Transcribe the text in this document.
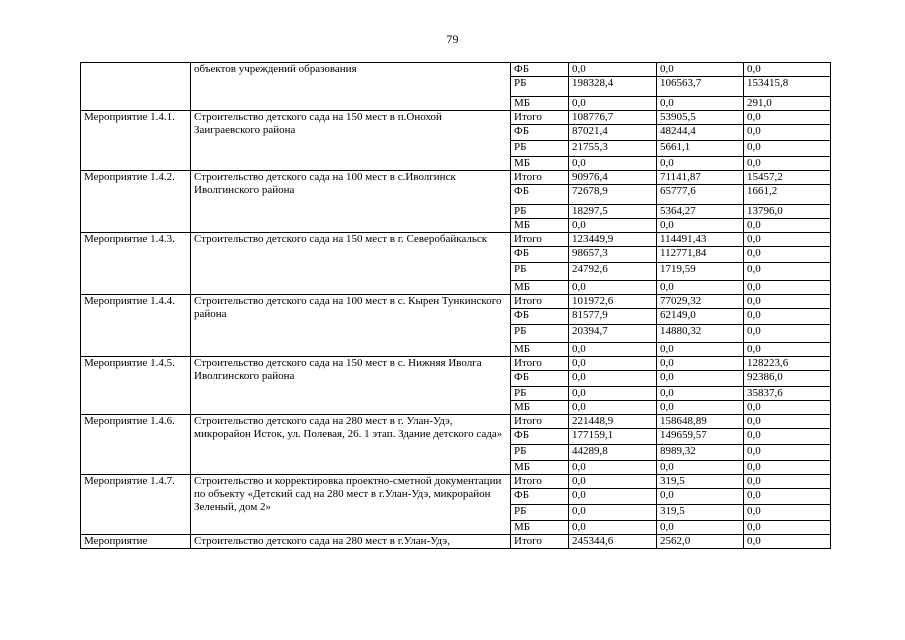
79
	объектов учреждений образования	ФБ	0,0	0,0	0,0
		РБ	198328,4	106563,7	153415,8
		МБ	0,0	0,0	291,0
Мероприятие 1.4.1.	Строительство детского сада на 150 мест в п.Онохой Заиграевского района	Итого	108776,7	53905,5	0,0
		ФБ	87021,4	48244,4	0,0
		РБ	21755,3	5661,1	0,0
		МБ	0,0	0,0	0,0
Мероприятие 1.4.2.	Строительство детского сада на 100 мест в с.Иволгинск Иволгинского района	Итого	90976,4	71141,87	15457,2
		ФБ	72678,9	65777,6	1661,2
		РБ	18297,5	5364,27	13796,0
		МБ	0,0	0,0	0,0
Мероприятие 1.4.3.	Строительство детского сада на 150 мест в г. Северобайкальск	Итого	123449,9	114491,43	0,0
		ФБ	98657,3	112771,84	0,0
		РБ	24792,6	1719,59	0,0
		МБ	0,0	0,0	0,0
Мероприятие 1.4.4.	Строительство детского сада на 100 мест в с. Кырен Тункинского района	Итого	101972,6	77029,32	0,0
		ФБ	81577,9	62149,0	0,0
		РБ	20394,7	14880,32	0,0
		МБ	0,0	0,0	0,0
Мероприятие 1.4.5.	Строительство детского сада на 150 мест в с. Нижняя Иволга Иволгинского района	Итого	0,0	0,0	128223,6
		ФБ	0,0	0,0	92386,0
		РБ	0,0	0,0	35837,6
		МБ	0,0	0,0	0,0
Мероприятие 1.4.6.	Строительство детского сада на 280 мест в г. Улан-Удэ, микрорайон Исток, ул. Полевая, 26. 1 этап. Здание детского сада»	Итого	221448,9	158648,89	0,0
		ФБ	177159,1	149659,57	0,0
		РБ	44289,8	8989,32	0,0
		МБ	0,0	0,0	0,0
Мероприятие 1.4.7.	Строительство и корректировка проектно-сметной документации по объекту «Детский сад на 280 мест в г.Улан-Удэ, микрорайон Зеленый, дом 2»	Итого	0,0	319,5	0,0
		ФБ	0,0	0,0	0,0
		РБ	0,0	319,5	0,0
		МБ	0,0	0,0	0,0
Мероприятие	Строительство детского сада на 280 мест в г.Улан-Удэ,	Итого	245344,6	2562,0	0,0
